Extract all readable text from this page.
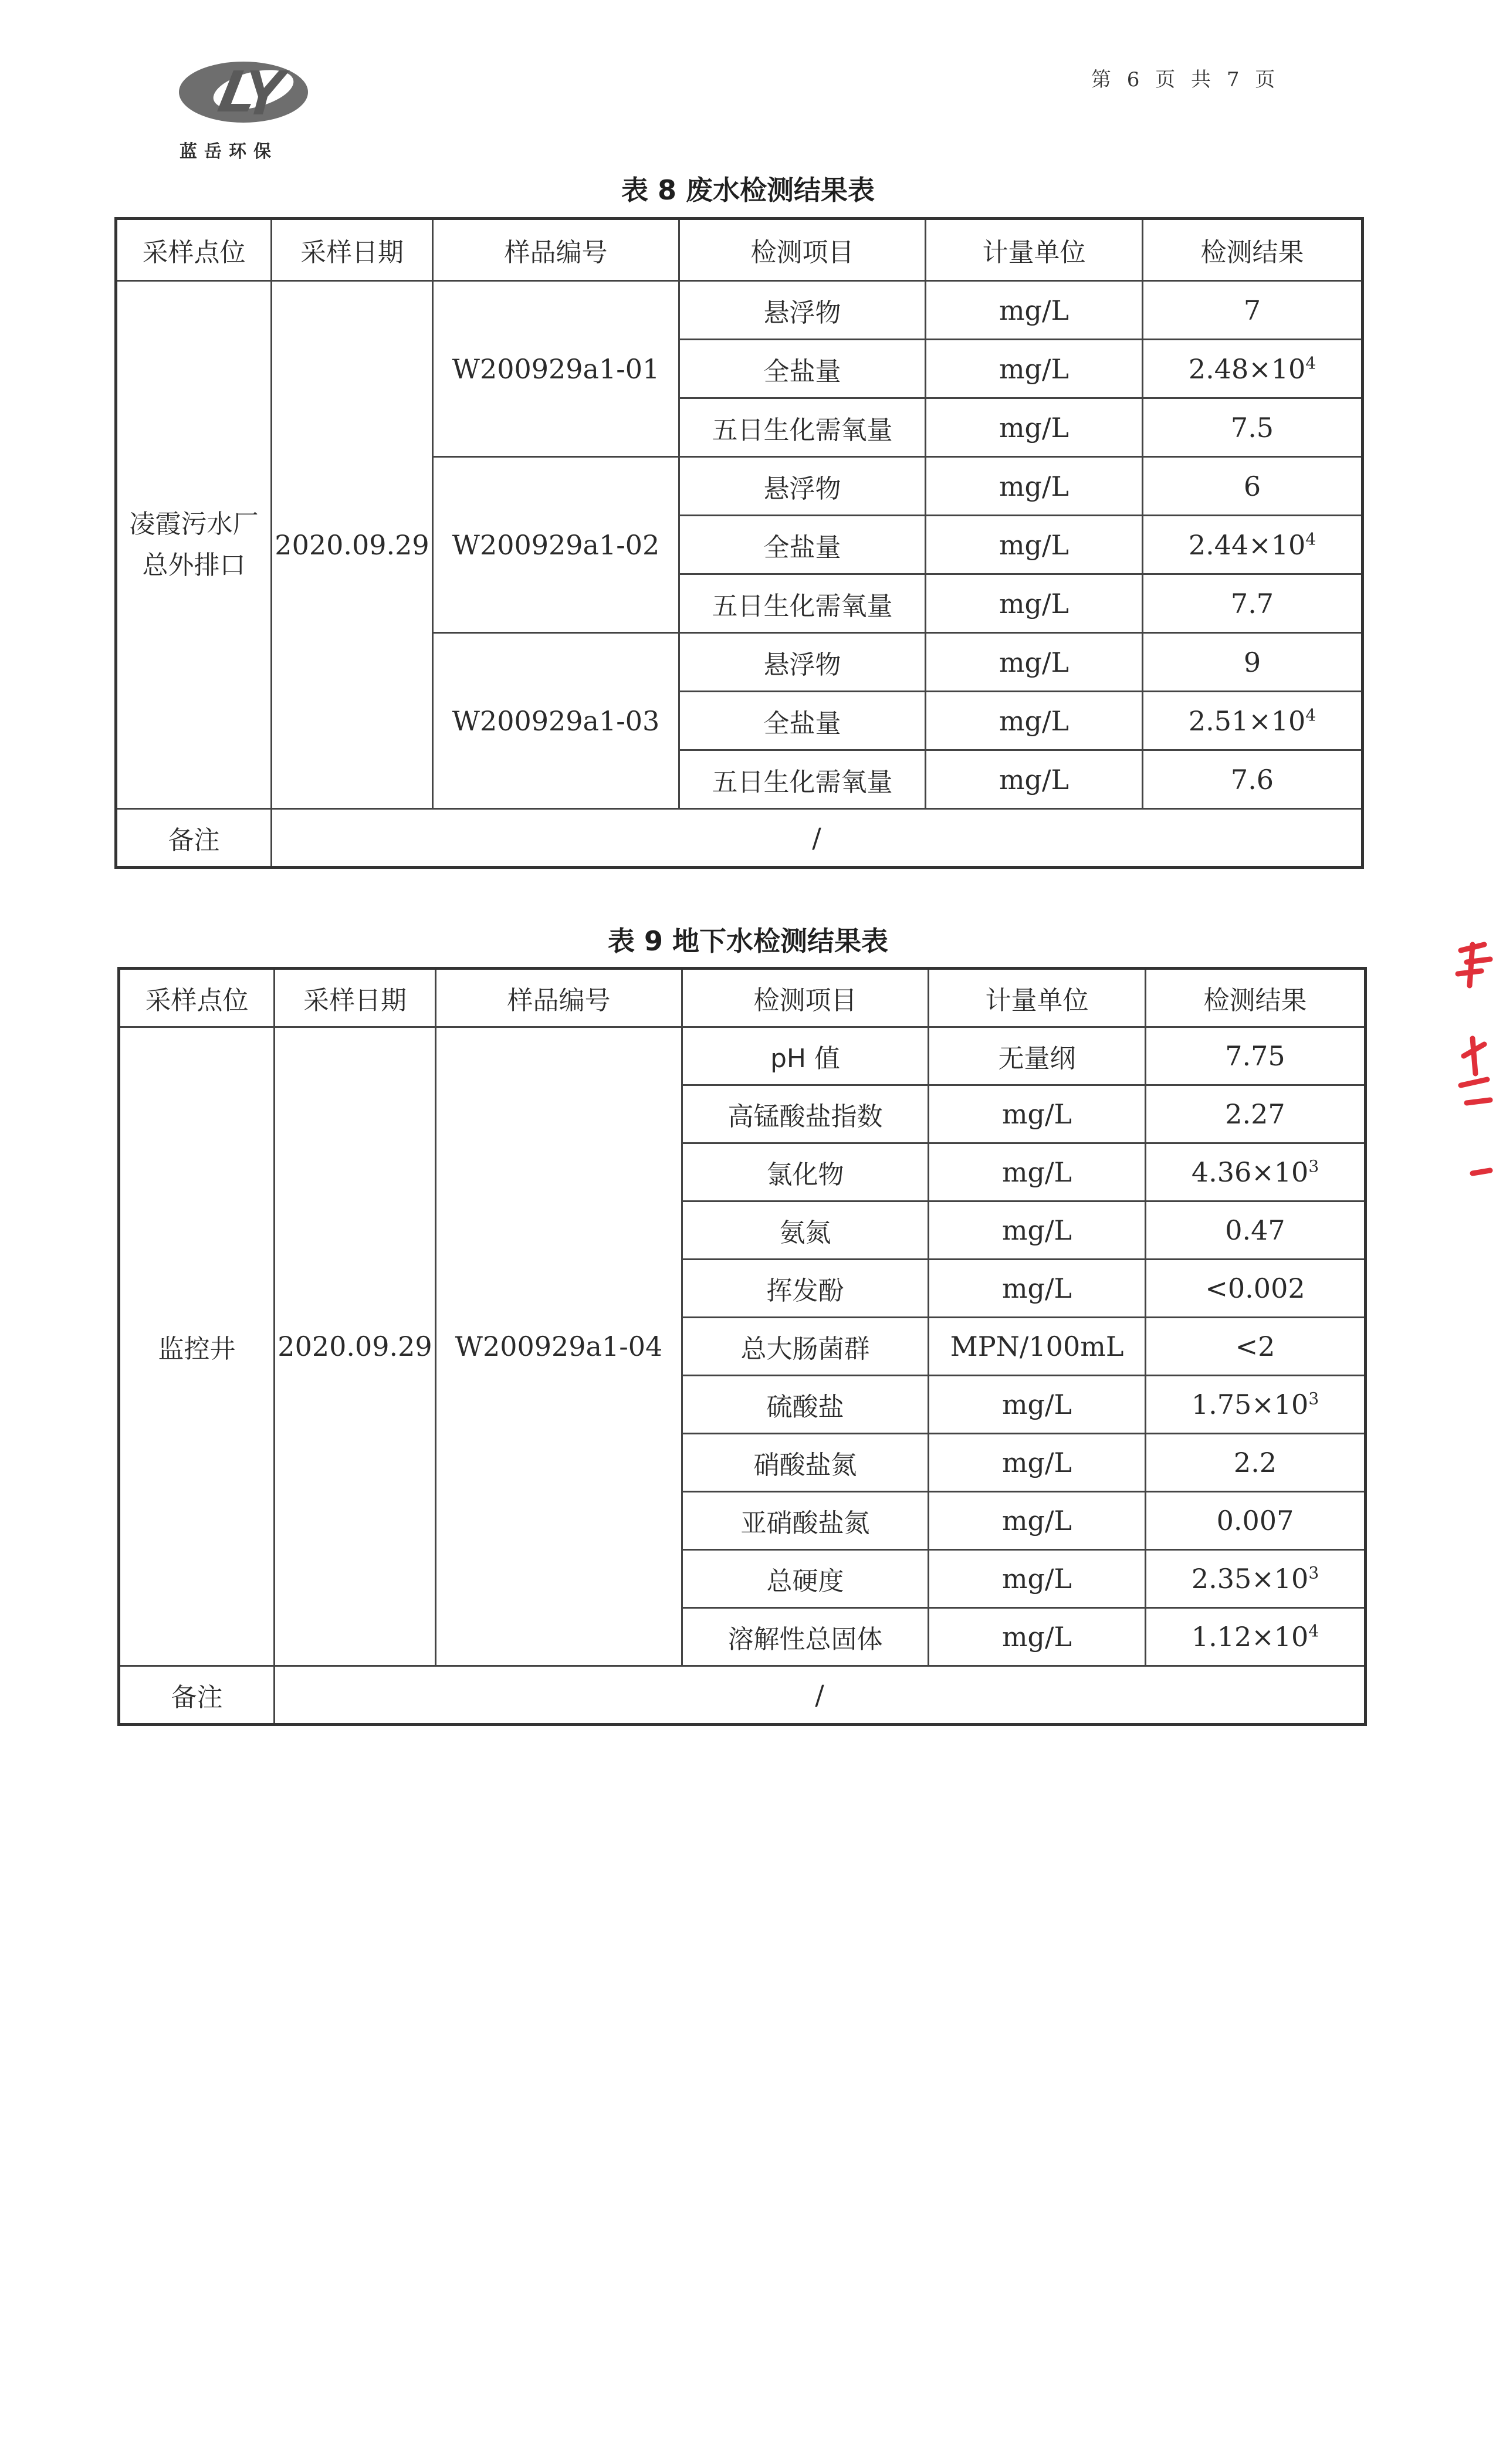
蓝岳环保
第 6 页 共 7 页
表 8 废水检测结果表
采样点位	采样日期	样品编号	检测项目	计量单位	检测结果
凌霞污水厂总外排口	2020.09.29	W200929a1-01	悬浮物	mg/L	7
			全盐量	mg/L	$2.48\times 10^4$
			五日生化需氧量	mg/L	7.5
		W200929a1-02	悬浮物	mg/L	6
			全盐量	mg/L	$2.44\times 10^4$
			五日生化需氧量	mg/L	7.7
		W200929a1-03	悬浮物	mg/L	9
			全盐量	mg/L	$2.51\times 10^4$
			五日生化需氧量	mg/L	7.6
备注	/				
表 9 地下水检测结果表
采样点位	采样日期	样品编号	检测项目	计量单位	检测结果
监控井	2020.09.29	W200929a1-04	pH 值	无量纲	7.75
			高锰酸盐指数	mg/L	2.27
			氯化物	mg/L	$4.36\times 10^3$
			氨氮	mg/L	0.47
			挥发酚	mg/L	<0.002
			总大肠菌群	MPN/100mL	<2
			硫酸盐	mg/L	$1.75\times 10^3$
			硝酸盐氮	mg/L	2.2
			亚硝酸盐氮	mg/L	0.007
			总硬度	mg/L	$2.35\times 10^3$
			溶解性总固体	mg/L	$1.12\times 10^4$
备注	/				
